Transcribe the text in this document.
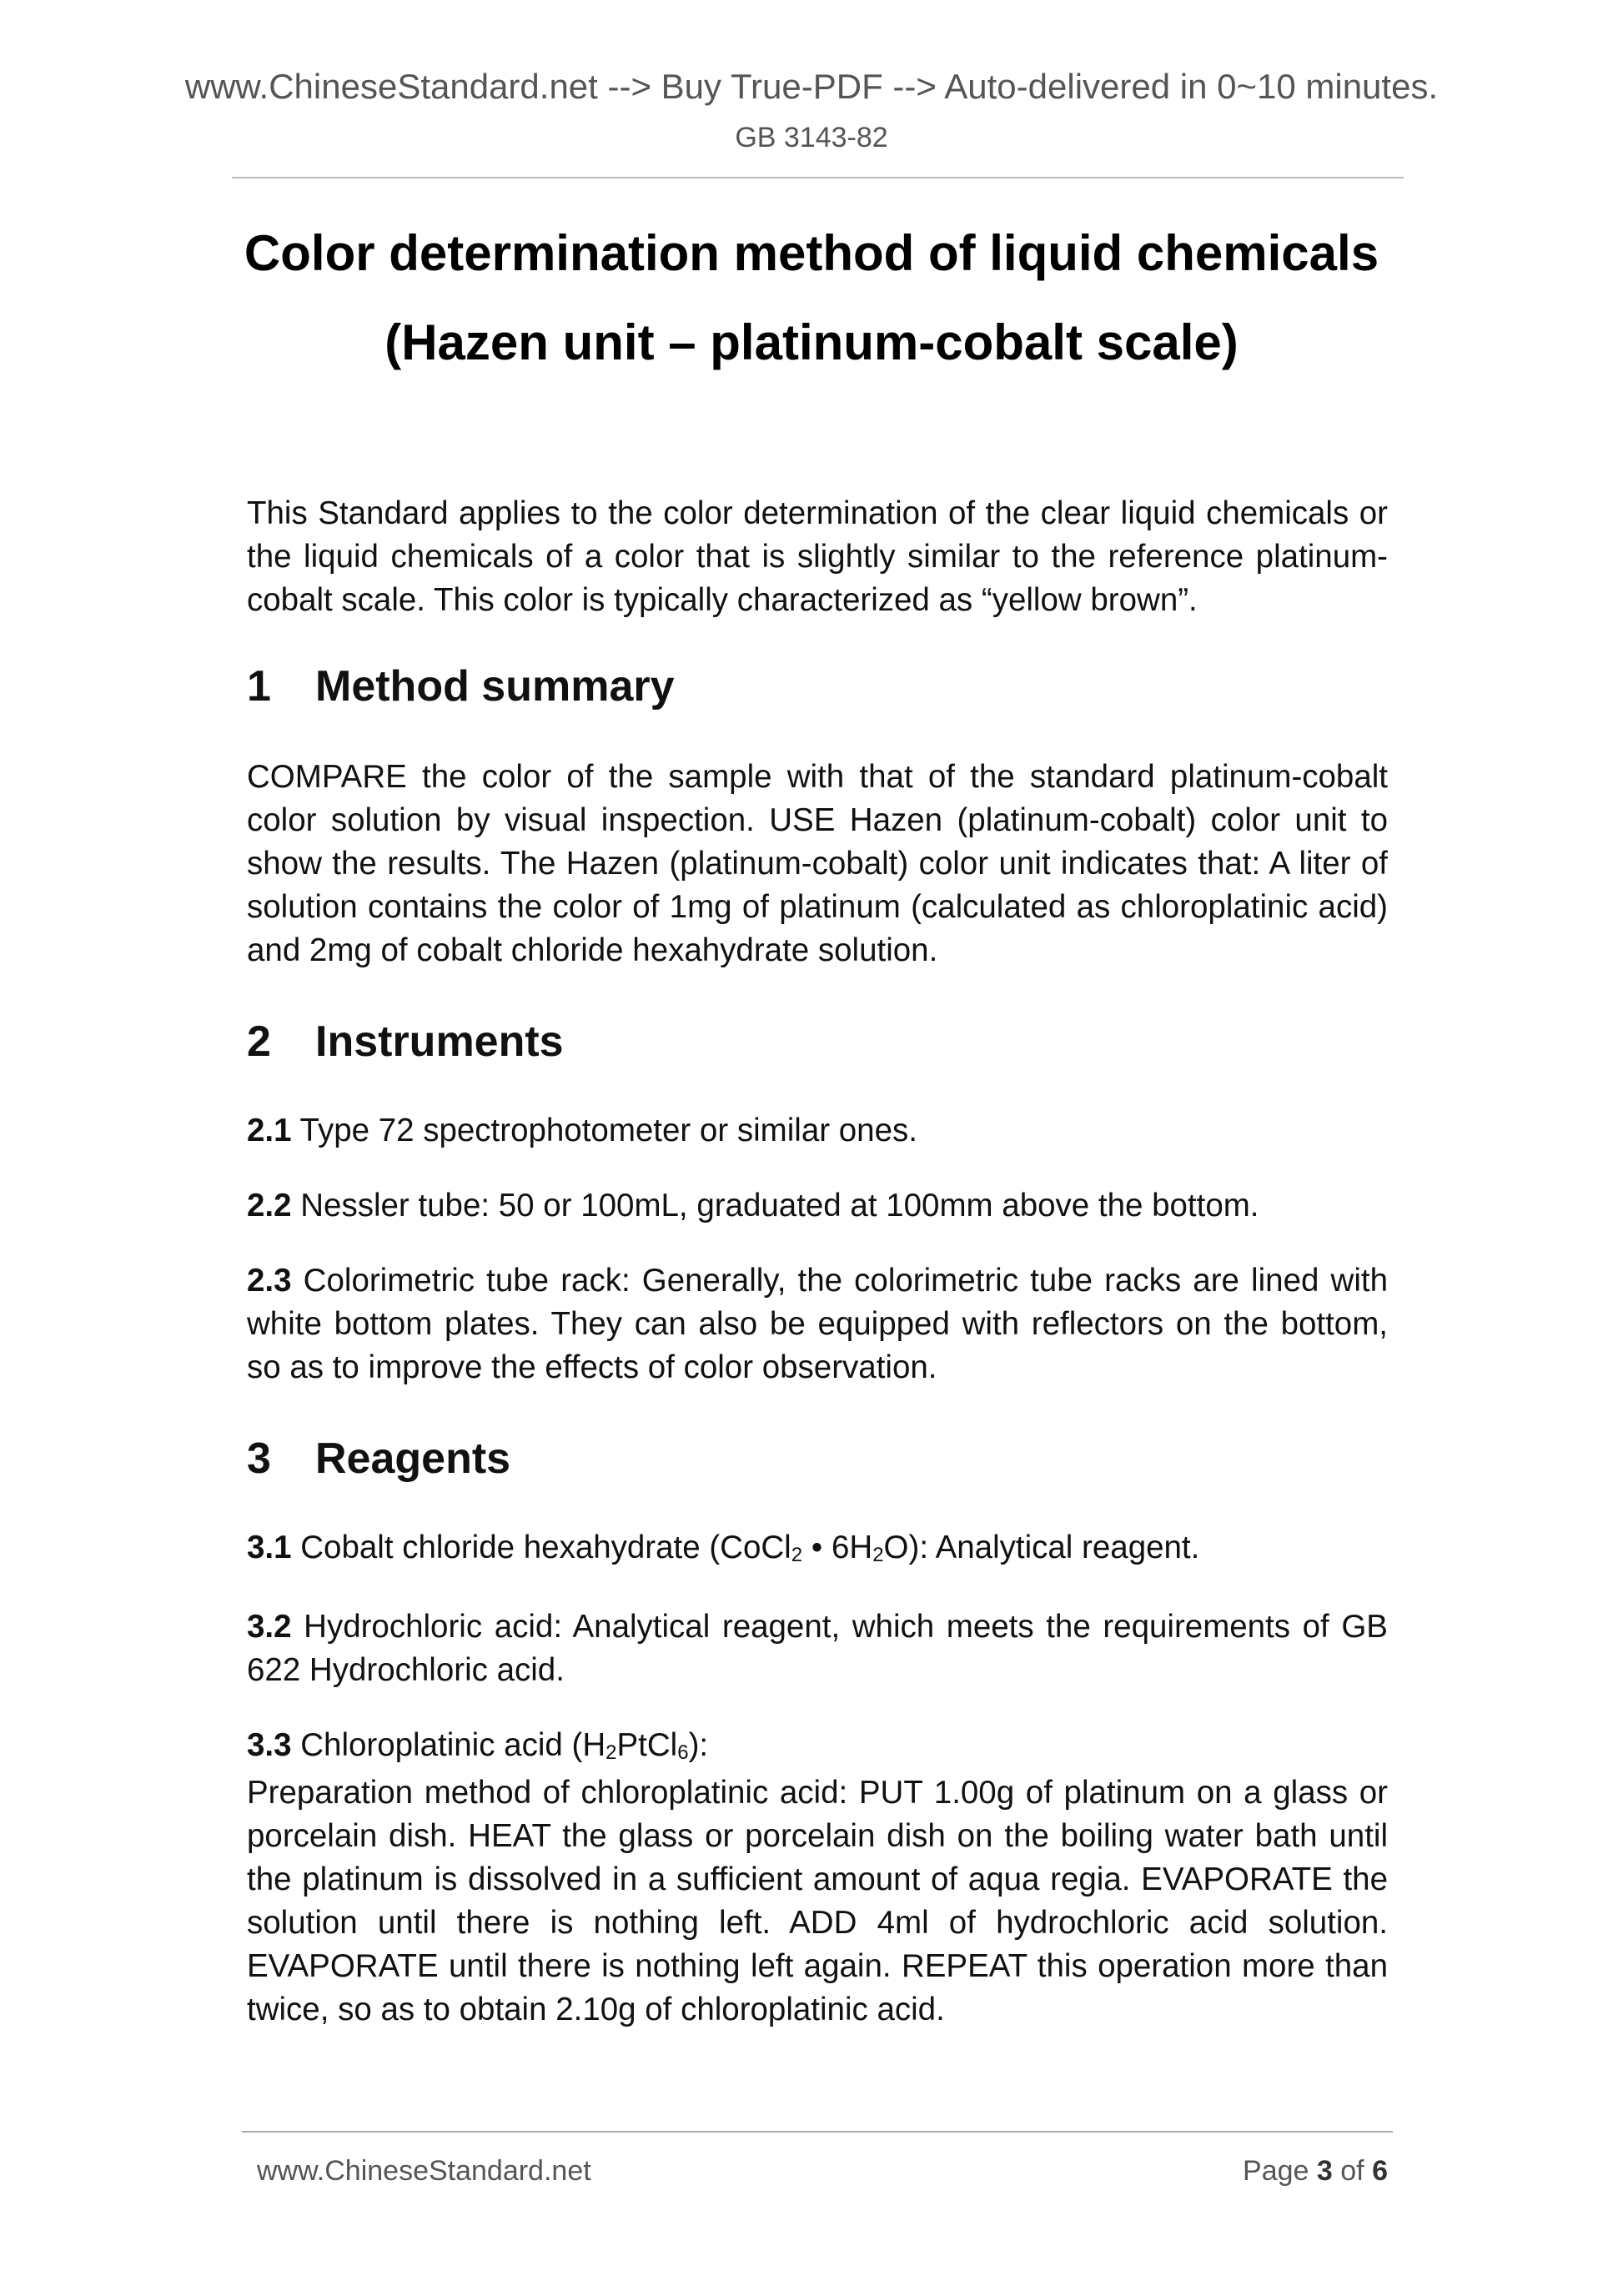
www.ChineseStandard.net --> Buy True-PDF --> Auto-delivered in 0~10 minutes.
GB 3143-82
Color determination method of liquid chemicals
(Hazen unit – platinum-cobalt scale)

This Standard applies to the color determination of the clear liquid chemicals or the liquid chemicals of a color that is slightly similar to the reference platinum-cobalt scale. This color is typically characterized as “yellow brown”.

1 Method summary

COMPARE the color of the sample with that of the standard platinum-cobalt color solution by visual inspection. USE Hazen (platinum-cobalt) color unit to show the results. The Hazen (platinum-cobalt) color unit indicates that: A liter of solution contains the color of 1mg of platinum (calculated as chloroplatinic acid) and 2mg of cobalt chloride hexahydrate solution.

2 Instruments

2.1 Type 72 spectrophotometer or similar ones.

2.2 Nessler tube: 50 or 100mL, graduated at 100mm above the bottom.

2.3 Colorimetric tube rack: Generally, the colorimetric tube racks are lined with white bottom plates. They can also be equipped with reflectors on the bottom, so as to improve the effects of color observation.

3 Reagents

3.1 Cobalt chloride hexahydrate (CoCl$_2$ • $6H_2O$): Analytical reagent.

3.2 Hydrochloric acid: Analytical reagent, which meets the requirements of GB 622 Hydrochloric acid.

3.3 Chloroplatinic acid $(H_2PtCl_6)$:
Preparation method of chloroplatinic acid: PUT 1.00g of platinum on a glass or porcelain dish. HEAT the glass or porcelain dish on the boiling water bath until the platinum is dissolved in a sufficient amount of aqua regia. EVAPORATE the solution until there is nothing left. ADD 4ml of hydrochloric acid solution. EVAPORATE until there is nothing left again. REPEAT this operation more than twice, so as to obtain 2.10g of chloroplatinic acid.

www.ChineseStandard.net	Page 3 of 6
